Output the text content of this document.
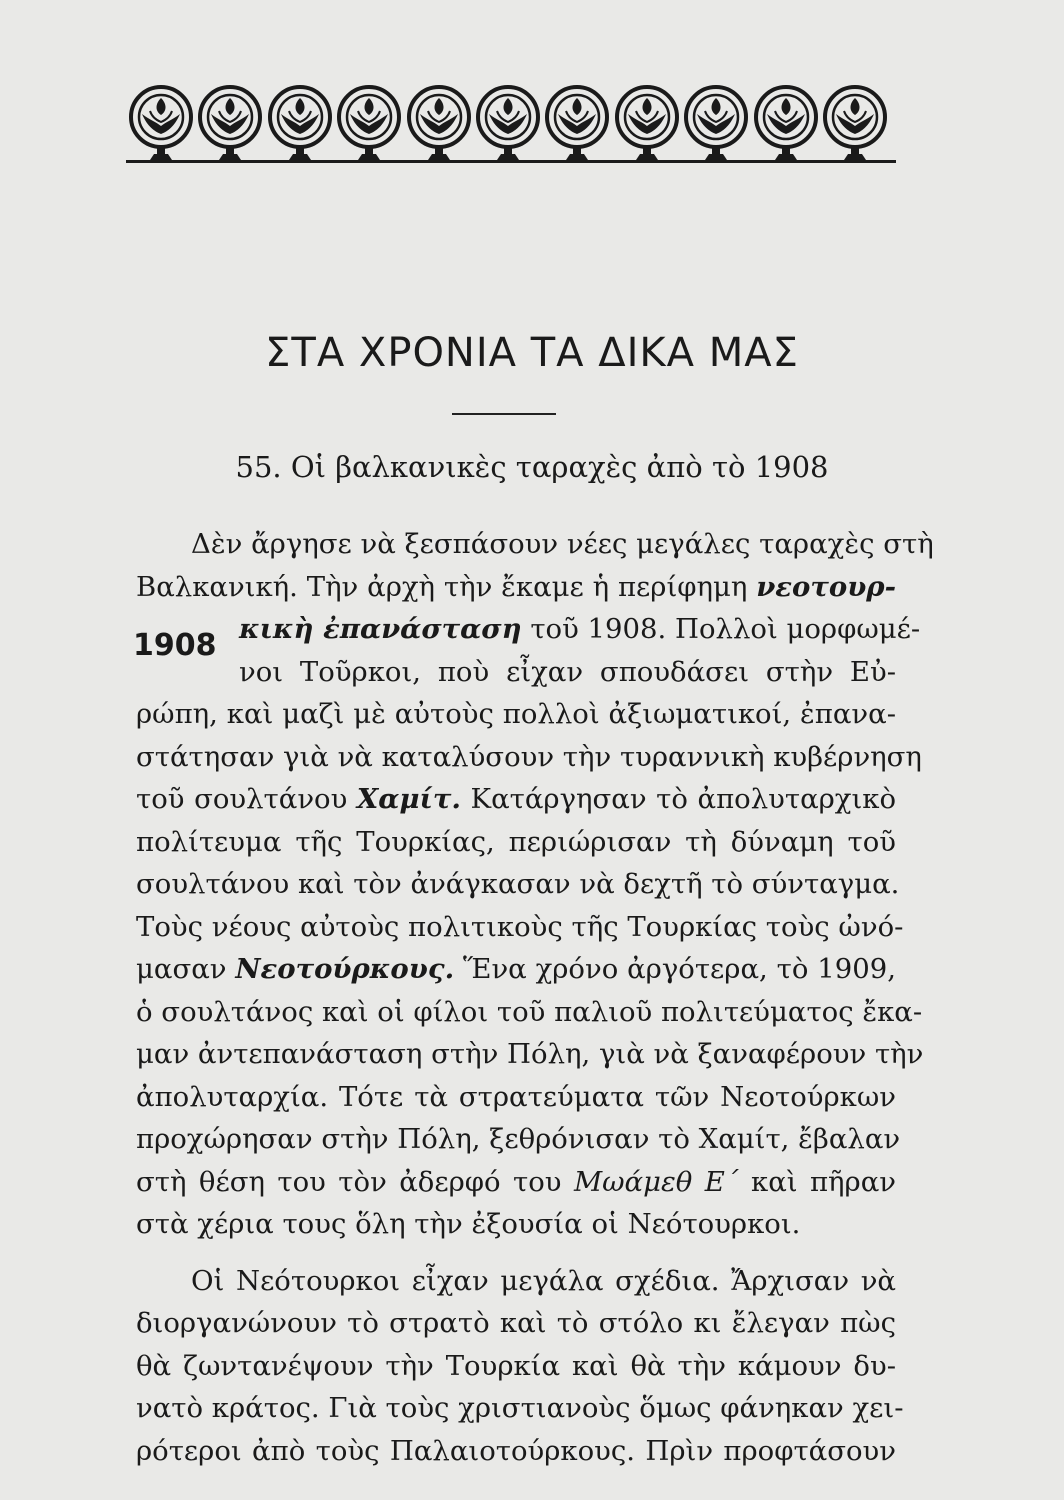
ΣΤΑ ΧΡΟΝΙΑ ΤΑ ΔΙΚΑ ΜΑΣ
55. Οἱ βαλκανικὲς ταραχὲς ἀπὸ τὸ 1908
1908
Δὲν ἄργησε νὰ ξεσπάσουν νέες μεγάλες ταραχὲς στὴ
Βαλκανική. Τὴν ἀρχὴ τὴν ἔκαμε ἡ περίφημη νεοτουρ-
κικὴ ἐπανάσταση τοῦ 1908. Πολλοὶ μορφωμέ-
νοι Τοῦρκοι, ποὺ εἶχαν σπουδάσει στὴν Εὐ-
ρώπη, καὶ μαζὶ μὲ αὐτοὺς πολλοὶ ἀξιωματικοί, ἐπανα-
στάτησαν γιὰ νὰ καταλύσουν τὴν τυραννικὴ κυβέρνηση
τοῦ σουλτάνου Χαμίτ. Κατάργησαν τὸ ἀπολυταρχικὸ
πολίτευμα τῆς Τουρκίας, περιώρισαν τὴ δύναμη τοῦ
σουλτάνου καὶ τὸν ἀνάγκασαν νὰ δεχτῆ τὸ σύνταγμα.
Τοὺς νέους αὐτοὺς πολιτικοὺς τῆς Τουρκίας τοὺς ὠνό-
μασαν Νεοτούρκους. Ἕνα χρόνο ἀργότερα, τὸ 1909,
ὁ σουλτάνος καὶ οἱ φίλοι τοῦ παλιοῦ πολιτεύματος ἔκα-
μαν ἀντεπανάσταση στὴν Πόλη, γιὰ νὰ ξαναφέρουν τὴν
ἀπολυταρχία. Τότε τὰ στρατεύματα τῶν Νεοτούρκων
προχώρησαν στὴν Πόλη, ξεθρόνισαν τὸ Χαμίτ, ἔβαλαν
στὴ θέση του τὸν ἀδερφό του Μωάμεθ Ε΄ καὶ πῆραν
στὰ χέρια τους ὅλη τὴν ἐξουσία οἱ Νεότουρκοι.
Οἱ Νεότουρκοι εἶχαν μεγάλα σχέδια. Ἄρχισαν νὰ
διοργανώνουν τὸ στρατὸ καὶ τὸ στόλο κι ἔλεγαν πὼς
θὰ ζωντανέψουν τὴν Τουρκία καὶ θὰ τὴν κάμουν δυ-
νατὸ κράτος. Γιὰ τοὺς χριστιανοὺς ὅμως φάνηκαν χει-
ρότεροι ἀπὸ τοὺς Παλαιοτούρκους. Πρὶν προφτάσουν
